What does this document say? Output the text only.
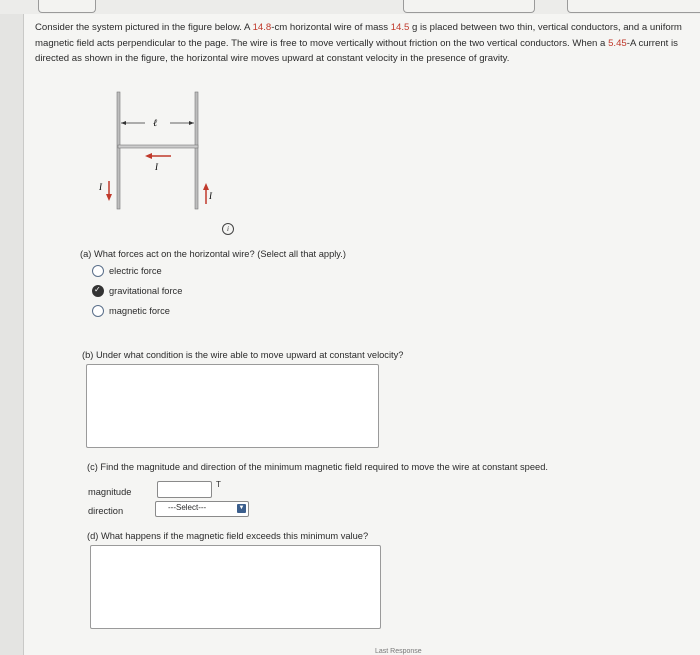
Consider the system pictured in the figure below. A 14.8-cm horizontal wire of mass 14.5 g is placed between two thin, vertical conductors, and a uniform magnetic field acts perpendicular to the page. The wire is free to move vertically without friction on the two vertical conductors. When a 5.45-A current is directed as shown in the figure, the horizontal wire moves upward at constant velocity in the presence of gravity.
ℓ
I
I
I
i
(a) What forces act on the horizontal wire? (Select all that apply.)
electric force
✓
gravitational force
magnetic force
(b) Under what condition is the wire able to move upward at constant velocity?
(c) Find the magnitude and direction of the minimum magnetic field required to move the wire at constant speed.
magnitude
T
direction	---Select---	▼
(d) What happens if the magnetic field exceeds this minimum value?
Last Response
